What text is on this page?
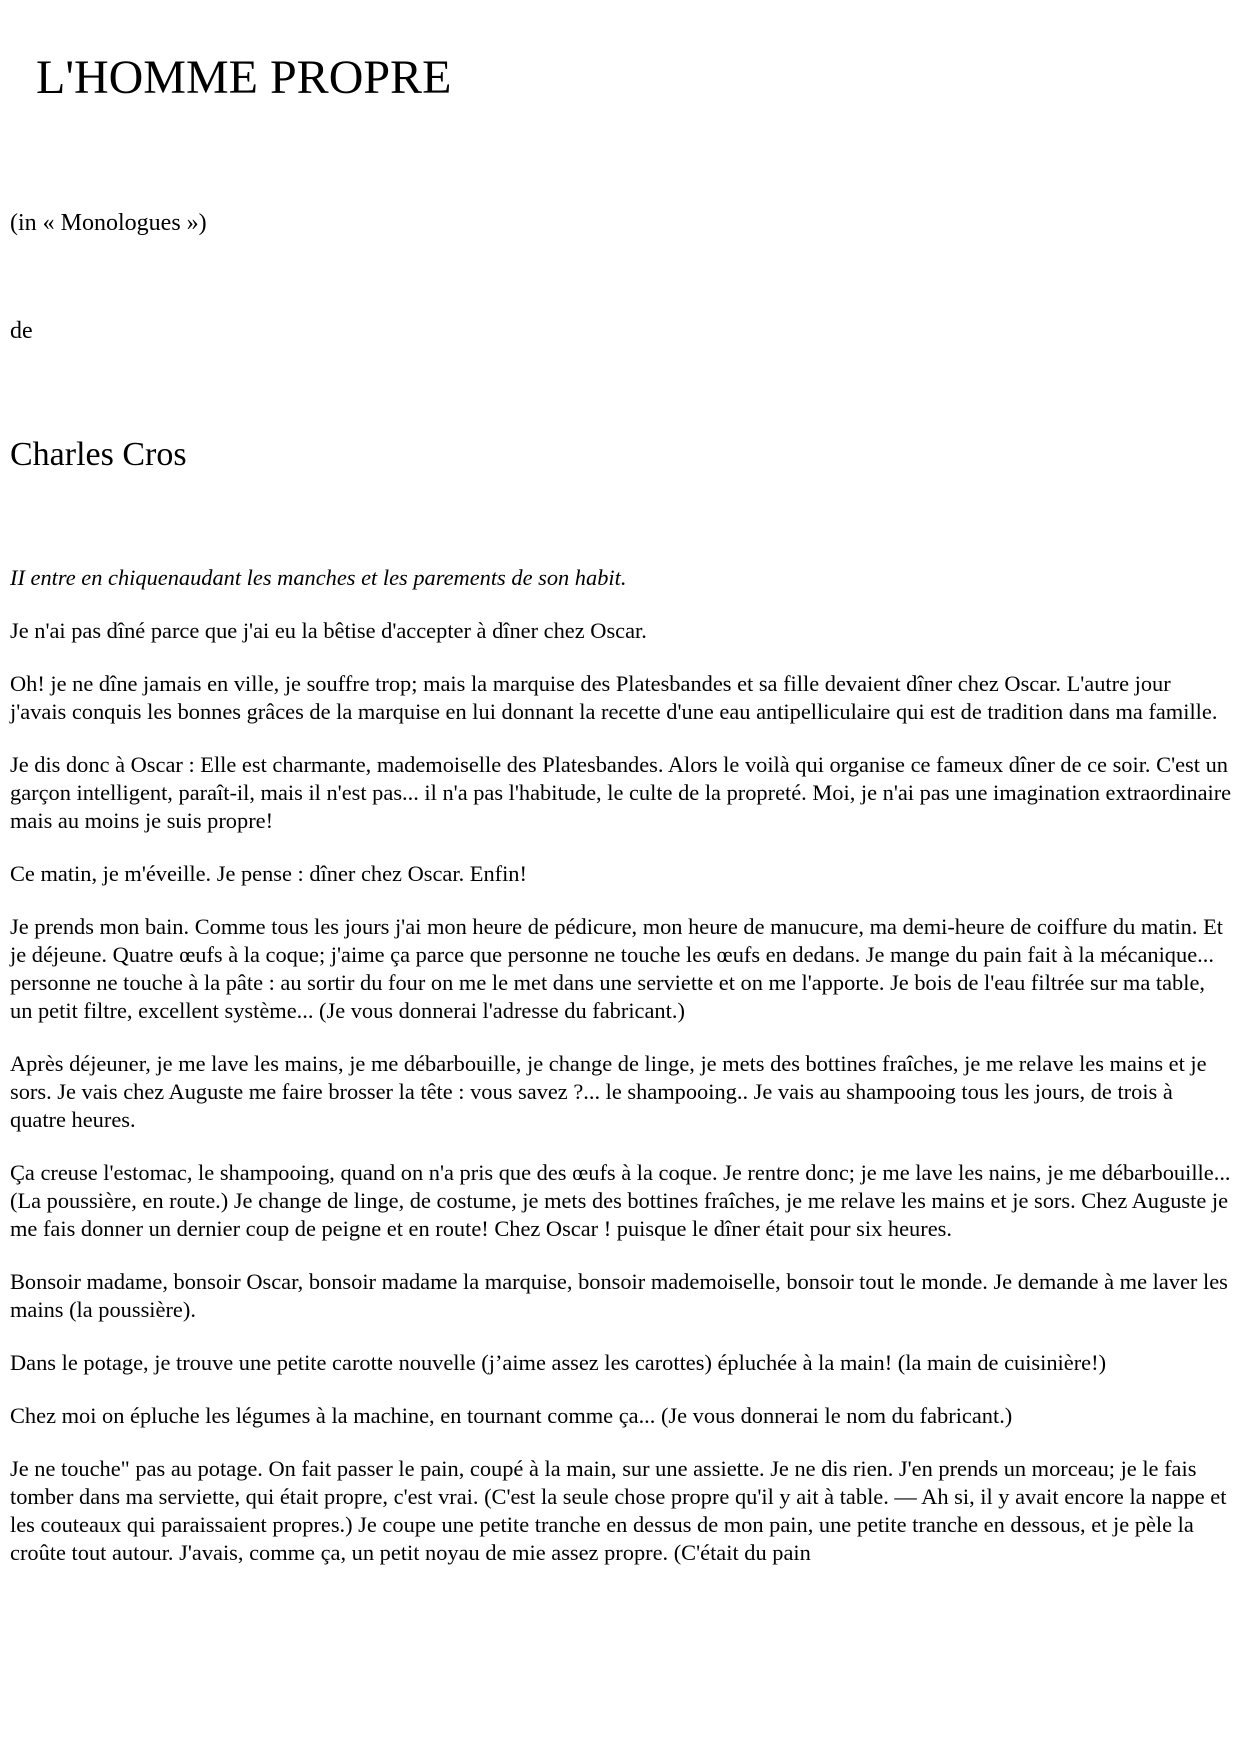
L'HOMME PROPRE

(in « Monologues »)

de

Charles Cros

II entre en chiquenaudant les manches et les parements de son habit.

Je n'ai pas dîné parce que j'ai eu la bêtise d'accepter à dîner chez Oscar.

Oh! je ne dîne jamais en ville, je souffre trop; mais la marquise des Platesbandes et sa fille devaient dîner chez Oscar. L'autre jour j'avais conquis les bonnes grâces de la marquise en lui donnant la recette d'une eau antipelliculaire qui est de tradition dans ma famille.

Je dis donc à Oscar : Elle est charmante, mademoiselle des Platesbandes. Alors le voilà qui organise ce fameux dîner de ce soir. C'est un garçon intelligent, paraît-il, mais il n'est pas... il n'a pas l'habitude, le culte de la propreté. Moi, je n'ai pas une imagination extraordinaire mais au moins je suis propre!

Ce matin, je m'éveille. Je pense : dîner chez Oscar. Enfin!

Je prends mon bain. Comme tous les jours j'ai mon heure de pédicure, mon heure de manucure, ma demi-heure de coiffure du matin. Et je déjeune. Quatre œufs à la coque; j'aime ça parce que personne ne touche les œufs en dedans. Je mange du pain fait à la mécanique... personne ne touche à la pâte : au sortir du four on me le met dans une serviette et on me l'apporte. Je bois de l'eau filtrée sur ma table, un petit filtre, excellent système... (Je vous donnerai l'adresse du fabricant.)

Après déjeuner, je me lave les mains, je me débarbouille, je change de linge, je mets des bottines fraîches, je me relave les mains et je sors. Je vais chez Auguste me faire brosser la tête : vous savez ?... le shampooing.. Je vais au shampooing tous les jours, de trois à quatre heures.

Ça creuse l'estomac, le shampooing, quand on n'a pris que des œufs à la coque. Je rentre donc; je me lave les nains, je me débarbouille... (La poussière, en route.) Je change de linge, de costume, je mets des bottines fraîches, je me relave les mains et je sors. Chez Auguste je me fais donner un dernier coup de peigne et en route! Chez Oscar ! puisque le dîner était pour six heures.

Bonsoir madame, bonsoir Oscar, bonsoir madame la marquise, bonsoir mademoiselle, bonsoir tout le monde. Je demande à me laver les mains (la poussière).

Dans le potage, je trouve une petite carotte nouvelle (j’aime assez les carottes) épluchée à la main! (la main de cuisinière!)

Chez moi on épluche les légumes à la machine, en tournant comme ça... (Je vous donnerai le nom du fabricant.)

Je ne touche" pas au potage. On fait passer le pain, coupé à la main, sur une assiette. Je ne dis rien. J'en prends un morceau; je le fais tomber dans ma serviette, qui était propre, c'est vrai. (C'est la seule chose propre qu'il y ait à table. — Ah si, il y avait encore la nappe et les couteaux qui paraissaient propres.) Je coupe une petite tranche en dessus de mon pain, une petite tranche en dessous, et je pèle la croûte tout autour. J'avais, comme ça, un petit noyau de mie assez propre. (C'était du pain
